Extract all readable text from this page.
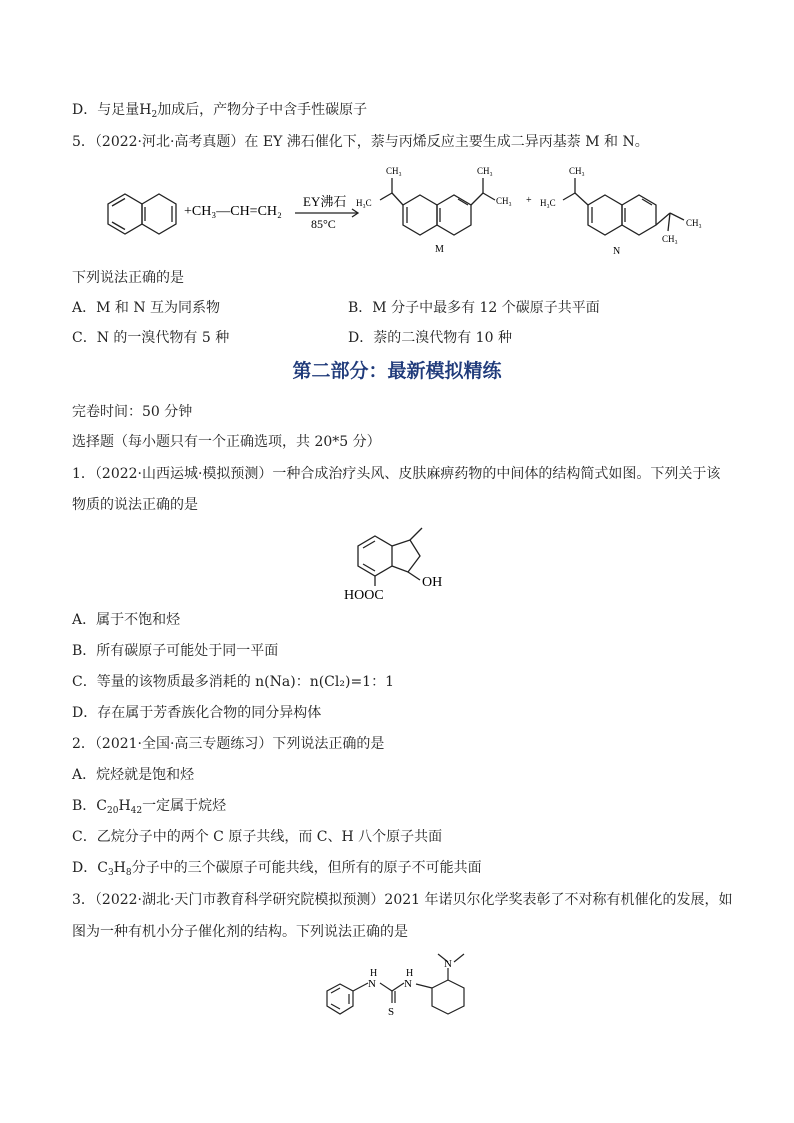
D．与足量$H_2$加成后，产物分子中含手性碳原子
5．（2022·河北·高考真题）在 EY 沸石催化下，萘与丙烯反应主要生成二异丙基萘 M 和 N。
+CH₃—CH=CH₂
EY沸石
85°C
CH₃
H₃C
CH₃
CH₃ +
CH₃
H₃C
CH₃
CH₃
M	N
下列说法正确的是
A．M 和 N 互为同系物	B．M 分子中最多有 12 个碳原子共平面
C．N 的一溴代物有 5 种	D．萘的二溴代物有 10 种
第二部分：最新模拟精练
完卷时间：50 分钟
选择题（每小题只有一个正确选项，共 20*5 分）
1．（2022·山西运城·模拟预测）一种合成治疗头风、皮肤麻痹药物的中间体的结构简式如图。下列关于该
物质的说法正确的是
OH
HOOC
A．属于不饱和烃
B．所有碳原子可能处于同一平面
C．等量的该物质最多消耗的 n(Na)：n(Cl₂)=1：1
D．存在属于芳香族化合物的同分异构体
2．（2021·全国·高三专题练习）下列说法正确的是
A．烷烃就是饱和烃
B．$C_{20}H_{42}$一定属于烷烃
C．乙烷分子中的两个 C 原子共线，而 C、H 八个原子共面
D．$C_3H_8$分子中的三个碳原子可能共线，但所有的原子不可能共面
3．（2022·湖北·天门市教育科学研究院模拟预测）2021 年诺贝尔化学奖表彰了不对称有机催化的发展，如
图为一种有机小分子催化剂的结构。下列说法正确的是
N
H
N
H
S
N
